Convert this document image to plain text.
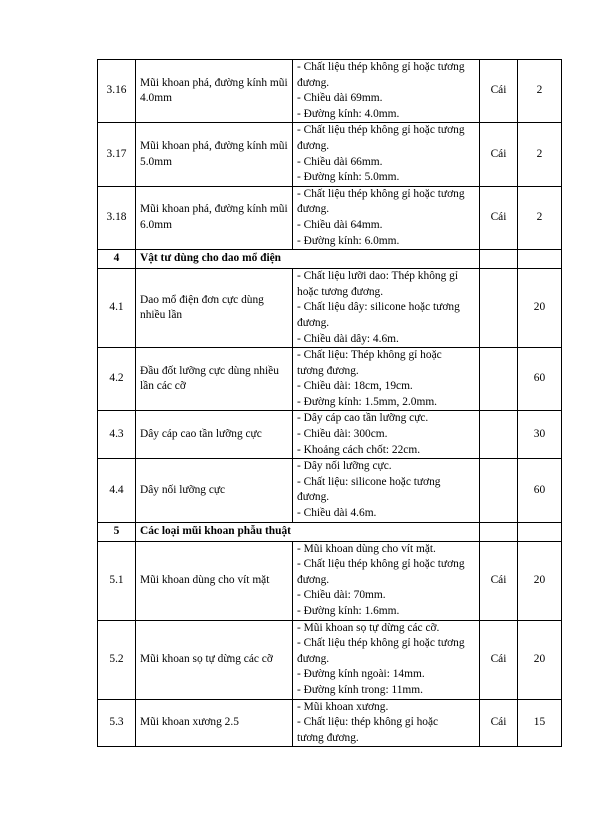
3.16	Mũi khoan phá, đường kính mũi 4.0mm	- Chất liệu thép không gỉ hoặc tương
đương.
- Chiều dài 69mm.
- Đường kính: 4.0mm.	Cái	2
3.17	Mũi khoan phá, đường kính mũi 5.0mm	- Chất liệu thép không gỉ hoặc tương
đương.
- Chiều dài 66mm.
- Đường kính: 5.0mm.	Cái	2
3.18	Mũi khoan phá, đường kính mũi 6.0mm	- Chất liệu thép không gỉ hoặc tương
đương.
- Chiều dài 64mm.
- Đường kính: 6.0mm.	Cái	2
4	Vật tư dùng cho dao mổ điện			
4.1	Dao mổ điện đơn cực dùng nhiều lần	- Chất liệu lưỡi dao: Thép không gỉ
hoặc tương đương.
- Chất liệu dây: silicone hoặc tương
đương.
- Chiều dài dây: 4.6m.		20
4.2	Đầu đốt lưỡng cực dùng nhiều lần các cỡ	- Chất liệu: Thép không gỉ hoặc
tương đương.
- Chiều dài: 18cm, 19cm.
- Đường kính: 1.5mm, 2.0mm.		60
4.3	Dây cáp cao tần lưỡng cực	- Dây cáp cao tần lưỡng cực.
- Chiều dài: 300cm.
- Khoảng cách chốt: 22cm.		30
4.4	Dây nối lưỡng cực	- Dây nối lưỡng cực.
- Chất liệu: silicone hoặc tương
đương.
- Chiều dài 4.6m.		60
5	Các loại mũi khoan phẫu thuật			
5.1	Mũi khoan dùng cho vít mặt	- Mũi khoan dùng cho vít mặt.
- Chất liệu thép không gỉ hoặc tương
đương.
- Chiều dài: 70mm.
- Đường kính: 1.6mm.	Cái	20
5.2	Mũi khoan sọ tự dừng các cỡ	- Mũi khoan sọ tự dừng các cỡ.
- Chất liệu thép không gỉ hoặc tương
đương.
- Đường kính ngoài: 14mm.
- Đường kính trong: 11mm.	Cái	20
5.3	Mũi khoan xương 2.5	- Mũi khoan xương.
- Chất liệu: thép không gỉ hoặc
tương đương.	Cái	15
